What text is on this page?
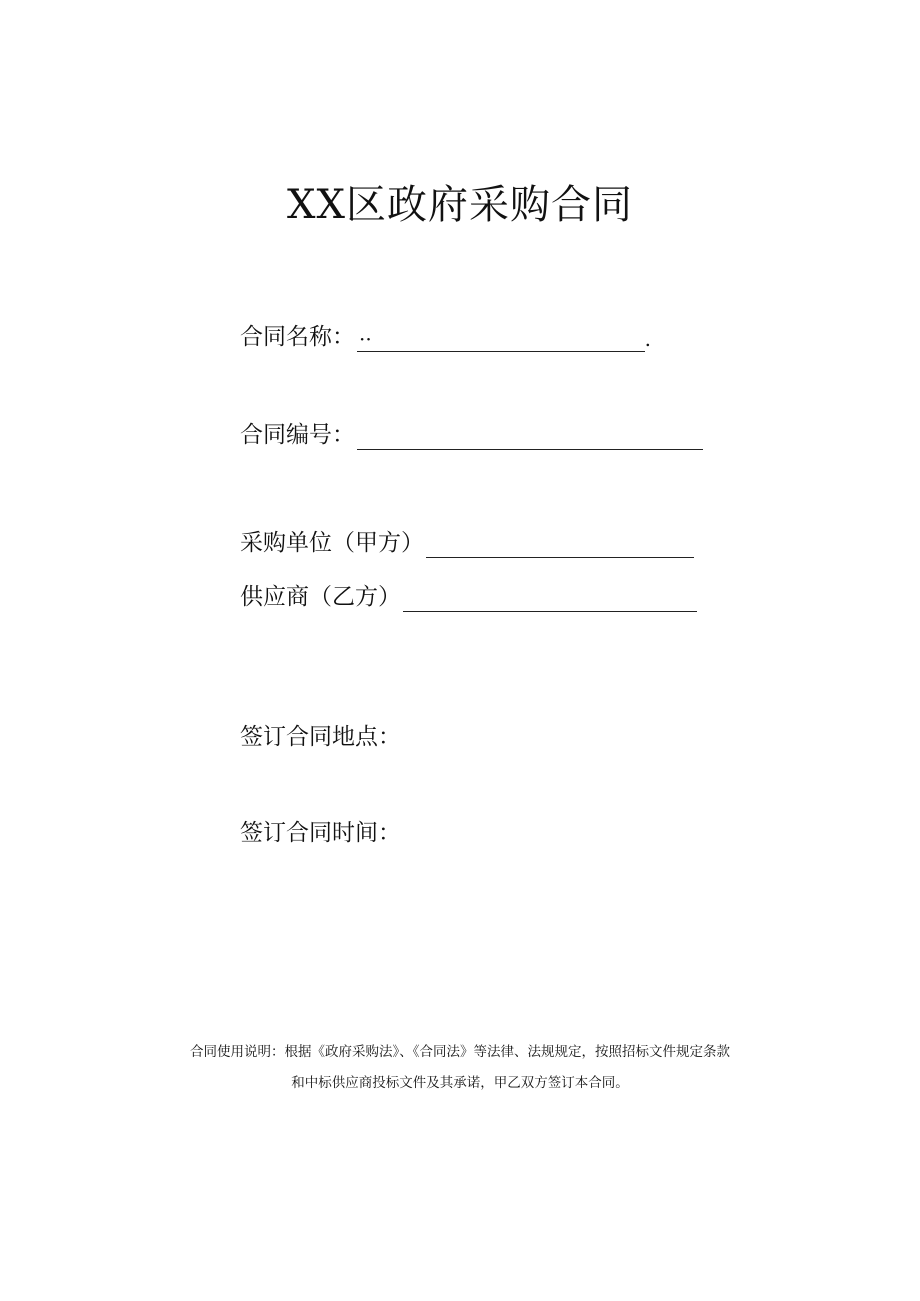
XX区政府采购合同
合同名称： ··	.
合同编号：
采购单位（甲方）
供应商（乙方）
签订合同地点：
签订合同时间：
合同使用说明：根据《政府采购法》、《合同法》等法律、法规规定，按照招标文件规定条款
和中标供应商投标文件及其承诺，甲乙双方签订本合同。
